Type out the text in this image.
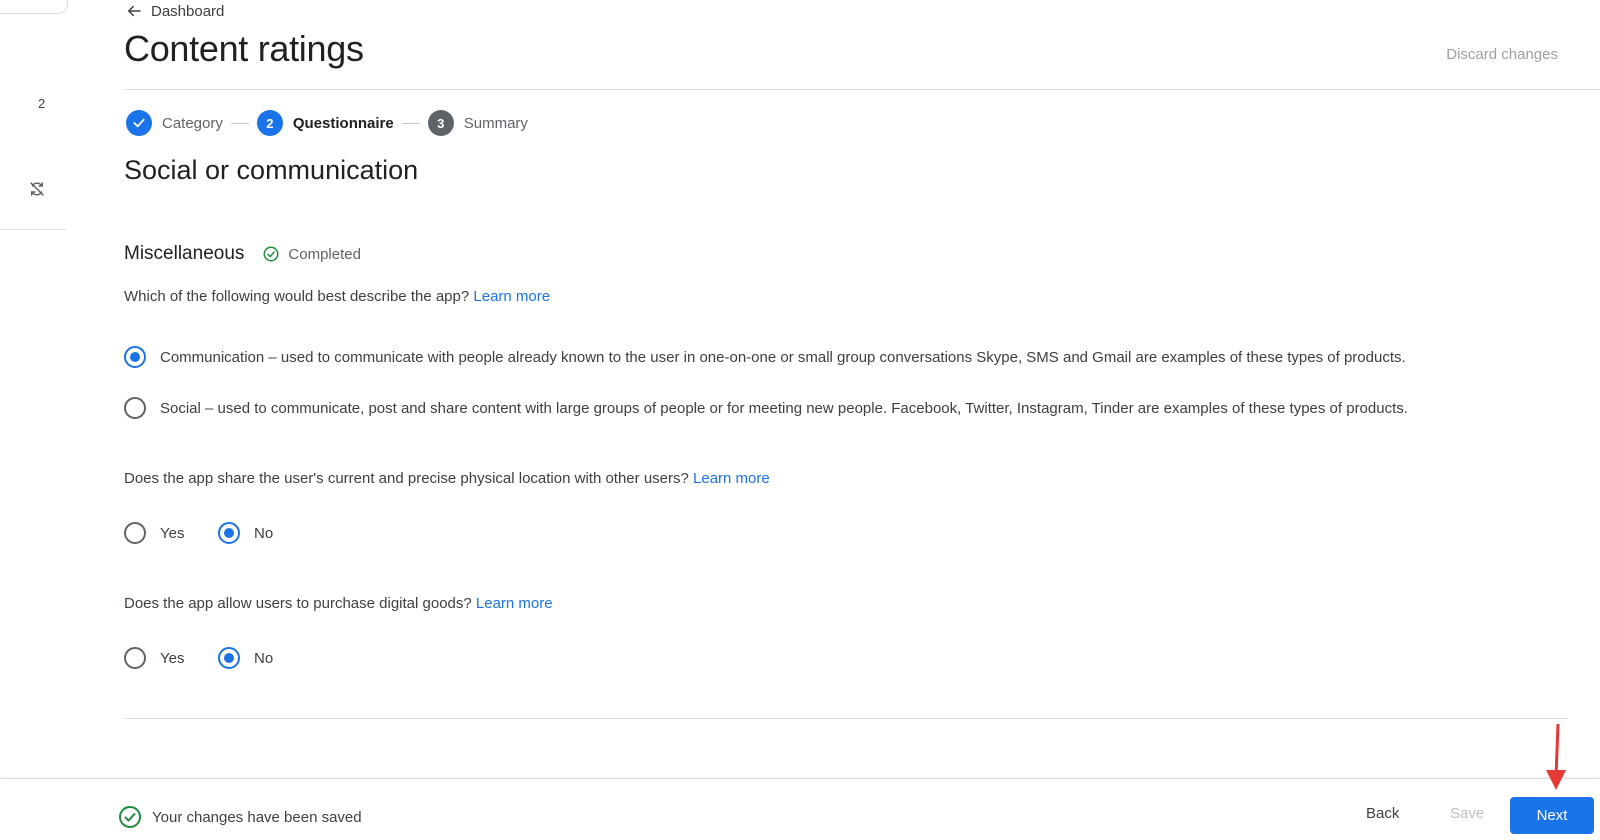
2
Dashboard
Content ratings	Discard changes
Category	2	Questionnaire	3	Summary
Social or communication
Miscellaneous	Completed

Which of the following would best describe the app? Learn more

Communication – used to communicate with people already known to the user in one-on-one or small group conversations Skype, SMS and Gmail are examples of these types of products.
Social – used to communicate, post and share content with large groups of people or for meeting new people. Facebook, Twitter, Instagram, Tinder are examples of these types of products.

Does the app share the user's current and precise physical location with other users? Learn more

Yes	No

Does the app allow users to purchase digital goods? Learn more

Yes	No
Your changes have been saved	Back	Save	Next
